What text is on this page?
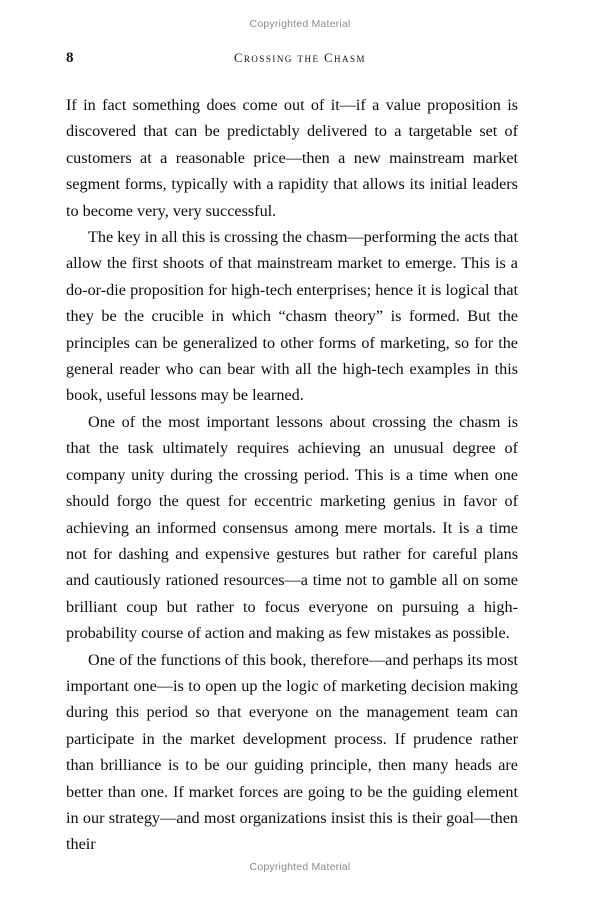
Copyrighted Material
8	Crossing the Chasm

If in fact something does come out of it—if a value proposition is discovered that can be predictably delivered to a targetable set of customers at a reasonable price—then a new mainstream market segment forms, typically with a rapidity that allows its initial leaders to become very, very successful.

The key in all this is crossing the chasm—performing the acts that allow the first shoots of that mainstream market to emerge. This is a do-or-die proposition for high-tech enterprises; hence it is logical that they be the crucible in which “chasm theory” is formed. But the principles can be generalized to other forms of marketing, so for the general reader who can bear with all the high-tech examples in this book, useful lessons may be learned.

One of the most important lessons about crossing the chasm is that the task ultimately requires achieving an unusual degree of company unity during the crossing period. This is a time when one should forgo the quest for eccentric marketing genius in favor of achieving an informed consensus among mere mortals. It is a time not for dashing and expensive gestures but rather for careful plans and cautiously rationed resources—a time not to gamble all on some brilliant coup but rather to focus everyone on pursuing a high-probability course of action and making as few mistakes as possible.

One of the functions of this book, therefore—and perhaps its most important one—is to open up the logic of marketing decision making during this period so that everyone on the management team can participate in the market development process. If prudence rather than brilliance is to be our guiding principle, then many heads are better than one. If market forces are going to be the guiding element in our strategy—and most organizations insist this is their goal—then their

Copyrighted Material
